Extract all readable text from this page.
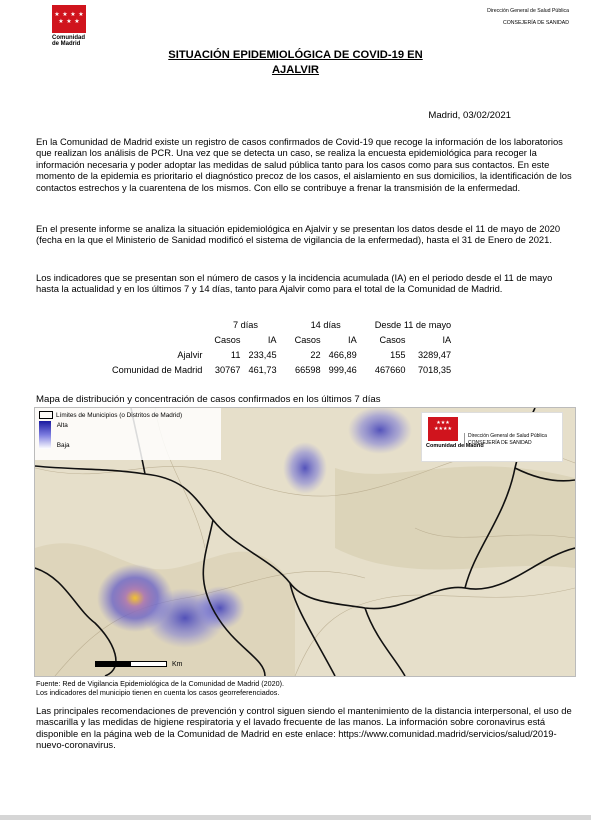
★ ★ ★ ★
★ ★ ★
Comunidad de Madrid
Dirección General de Salud Pública
CONSEJERÍA DE SANIDAD
SITUACIÓN EPIDEMIOLÓGICA DE COVID-19 EN
AJALVIR
Madrid, 03/02/2021
En la Comunidad de Madrid existe un registro de casos confirmados de Covid-19 que recoge la información de los laboratorios que realizan los análisis de PCR. Una vez que se detecta un caso, se realiza la encuesta epidemiológica para recoger la información necesaria y poder adoptar las medidas de salud pública tanto para los casos como para sus contactos. En este momento de la epidemia es prioritario el diagnóstico precoz de los casos, el aislamiento en sus domicilios, la identificación de los contactos estrechos y la cuarentena de los mismos. Con ello se contribuye a frenar la transmisión de la enfermedad.
En el presente informe se analiza la situación epidemiológica en Ajalvir y se presentan los datos desde el 11 de mayo de 2020 (fecha en la que el Ministerio de Sanidad modificó el sistema de vigilancia de la enfermedad), hasta el 31 de Enero de 2021.
Los indicadores que se presentan son el número de casos y la incidencia acumulada (IA) en el periodo desde el 11 de mayo hasta la actualidad y en los últimos 7 y 14 días, tanto para Ajalvir como para el total de la Comunidad de Madrid.
	7 días		14 días		Desde 11 de mayo	
	Casos	IA	Casos	IA	Casos	IA
Ajalvir	11	233,45	22	466,89	155	3289,47
Comunidad de Madrid	30767	461,73	66598	999,46	467660	7018,35
Mapa de distribución y concentración de casos confirmados en los últimos 7 días
Límites de Municipios (o Distritos de Madrid)

Alta
Baja
★★★
★★★★
Comunidad de Madrid
Dirección General de Salud Pública
CONSEJERÍA DE SANIDAD
Km
Fuente: Red de Vigilancia Epidemiológica de la Comunidad de Madrid (2020).
Los indicadores del municipio tienen en cuenta los casos georreferenciados.
Las principales recomendaciones de prevención y control siguen siendo el mantenimiento de la distancia interpersonal, el uso de mascarilla y las medidas de higiene respiratoria y el lavado frecuente de las manos. La información sobre coronavirus está disponible en la página web de la Comunidad de Madrid en este enlace: https://www.comunidad.madrid/servicios/salud/2019-nuevo-coronavirus.
